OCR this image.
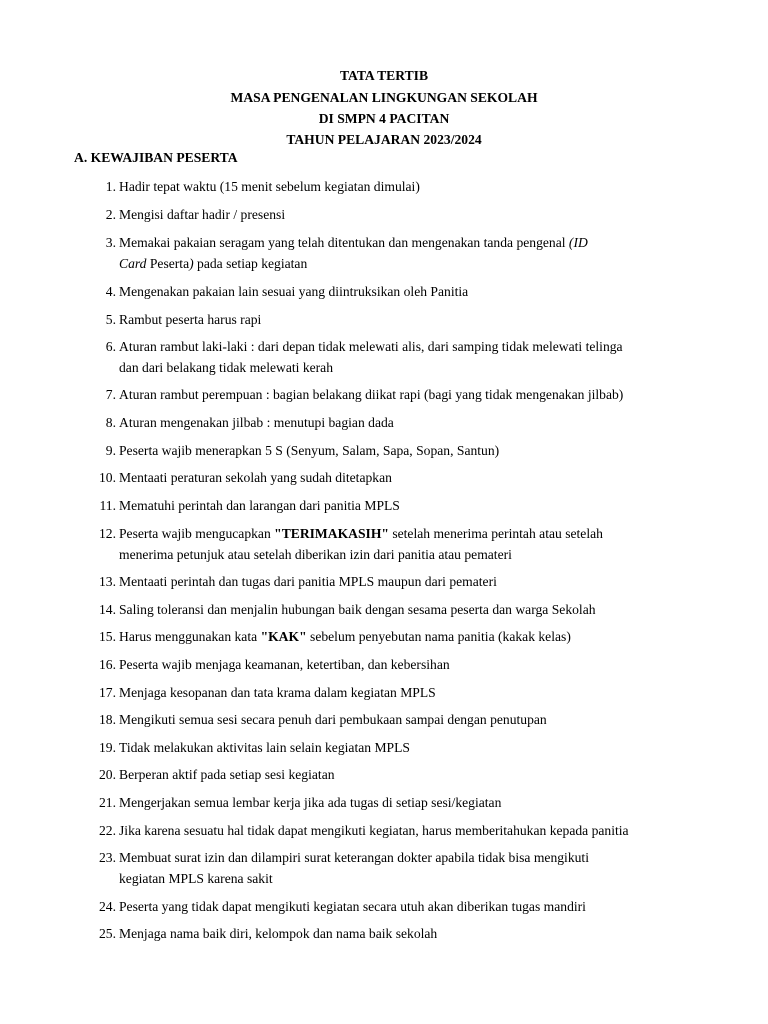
TATA TERTIB
MASA PENGENALAN LINGKUNGAN SEKOLAH
DI SMPN 4 PACITAN
TAHUN PELAJARAN 2023/2024
A. KEWAJIBAN PESERTA
1. Hadir tepat waktu (15 menit sebelum kegiatan dimulai)
2. Mengisi daftar hadir / presensi
3. Memakai pakaian seragam yang telah ditentukan dan mengenakan tanda pengenal (ID
Card Peserta) pada setiap kegiatan
4. Mengenakan pakaian lain sesuai yang diintruksikan oleh Panitia
5. Rambut peserta harus rapi
6. Aturan rambut laki-laki : dari depan tidak melewati alis, dari samping tidak melewati telinga
dan dari belakang tidak melewati kerah
7. Aturan rambut perempuan : bagian belakang diikat rapi (bagi yang tidak mengenakan jilbab)
8. Aturan mengenakan jilbab : menutupi bagian dada
9. Peserta wajib menerapkan 5 S (Senyum, Salam, Sapa, Sopan, Santun)
10. Mentaati peraturan sekolah yang sudah ditetapkan
11. Mematuhi perintah dan larangan dari panitia MPLS
12. Peserta wajib mengucapkan "TERIMAKASIH" setelah menerima perintah atau setelah
menerima petunjuk atau setelah diberikan izin dari panitia atau pemateri
13. Mentaati perintah dan tugas dari panitia MPLS maupun dari pemateri
14. Saling toleransi dan menjalin hubungan baik dengan sesama peserta dan warga Sekolah
15. Harus menggunakan kata "KAK" sebelum penyebutan nama panitia (kakak kelas)
16. Peserta wajib menjaga keamanan, ketertiban, dan kebersihan
17. Menjaga kesopanan dan tata krama dalam kegiatan MPLS
18. Mengikuti semua sesi secara penuh dari pembukaan sampai dengan penutupan
19. Tidak melakukan aktivitas lain selain kegiatan MPLS
20. Berperan aktif pada setiap sesi kegiatan
21. Mengerjakan semua lembar kerja jika ada tugas di setiap sesi/kegiatan
22. Jika karena sesuatu hal tidak dapat mengikuti kegiatan, harus memberitahukan kepada panitia
23. Membuat surat izin dan dilampiri surat keterangan dokter apabila tidak bisa mengikuti
kegiatan MPLS karena sakit
24. Peserta yang tidak dapat mengikuti kegiatan secara utuh akan diberikan tugas mandiri
25. Menjaga nama baik diri, kelompok dan nama baik sekolah
